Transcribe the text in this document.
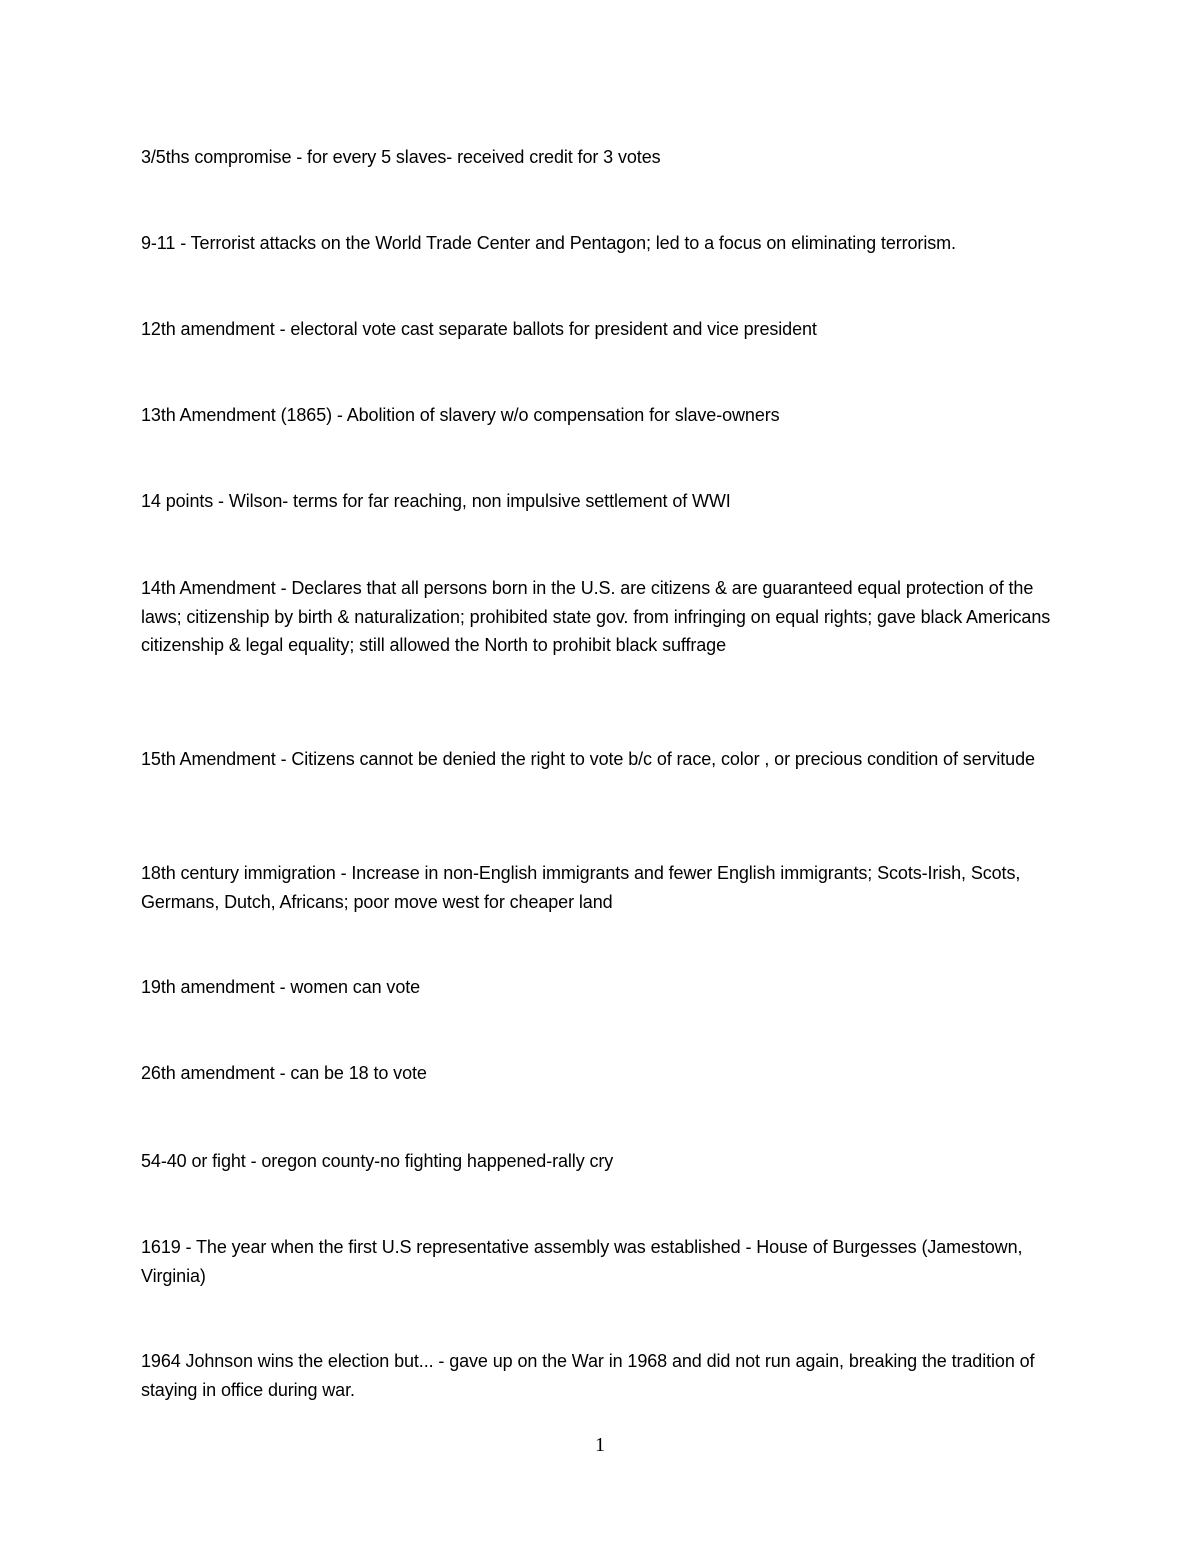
3/5ths compromise - for every 5 slaves- received credit for 3 votes
9-11 - Terrorist attacks on the World Trade Center and Pentagon; led to a focus on eliminating terrorism.
12th amendment - electoral vote cast separate ballots for president and vice president
13th Amendment (1865) - Abolition of slavery w/o compensation for slave-owners
14 points - Wilson- terms for far reaching, non impulsive settlement of WWI
14th Amendment - Declares that all persons born in the U.S. are citizens & are guaranteed equal protection of the laws; citizenship by birth & naturalization; prohibited state gov. from infringing on equal rights; gave black Americans citizenship & legal equality; still allowed the North to prohibit black suffrage
15th Amendment - Citizens cannot be denied the right to vote b/c of race, color , or precious condition of servitude
18th century immigration - Increase in non-English immigrants and fewer English immigrants; Scots-Irish, Scots, Germans, Dutch, Africans; poor move west for cheaper land
19th amendment - women can vote
26th amendment - can be 18 to vote
54-40 or fight - oregon county-no fighting happened-rally cry
1619 - The year when the first U.S representative assembly was established - House of Burgesses (Jamestown, Virginia)
1964 Johnson wins the election but... - gave up on the War in 1968 and did not run again, breaking the tradition of staying in office during war.
1
